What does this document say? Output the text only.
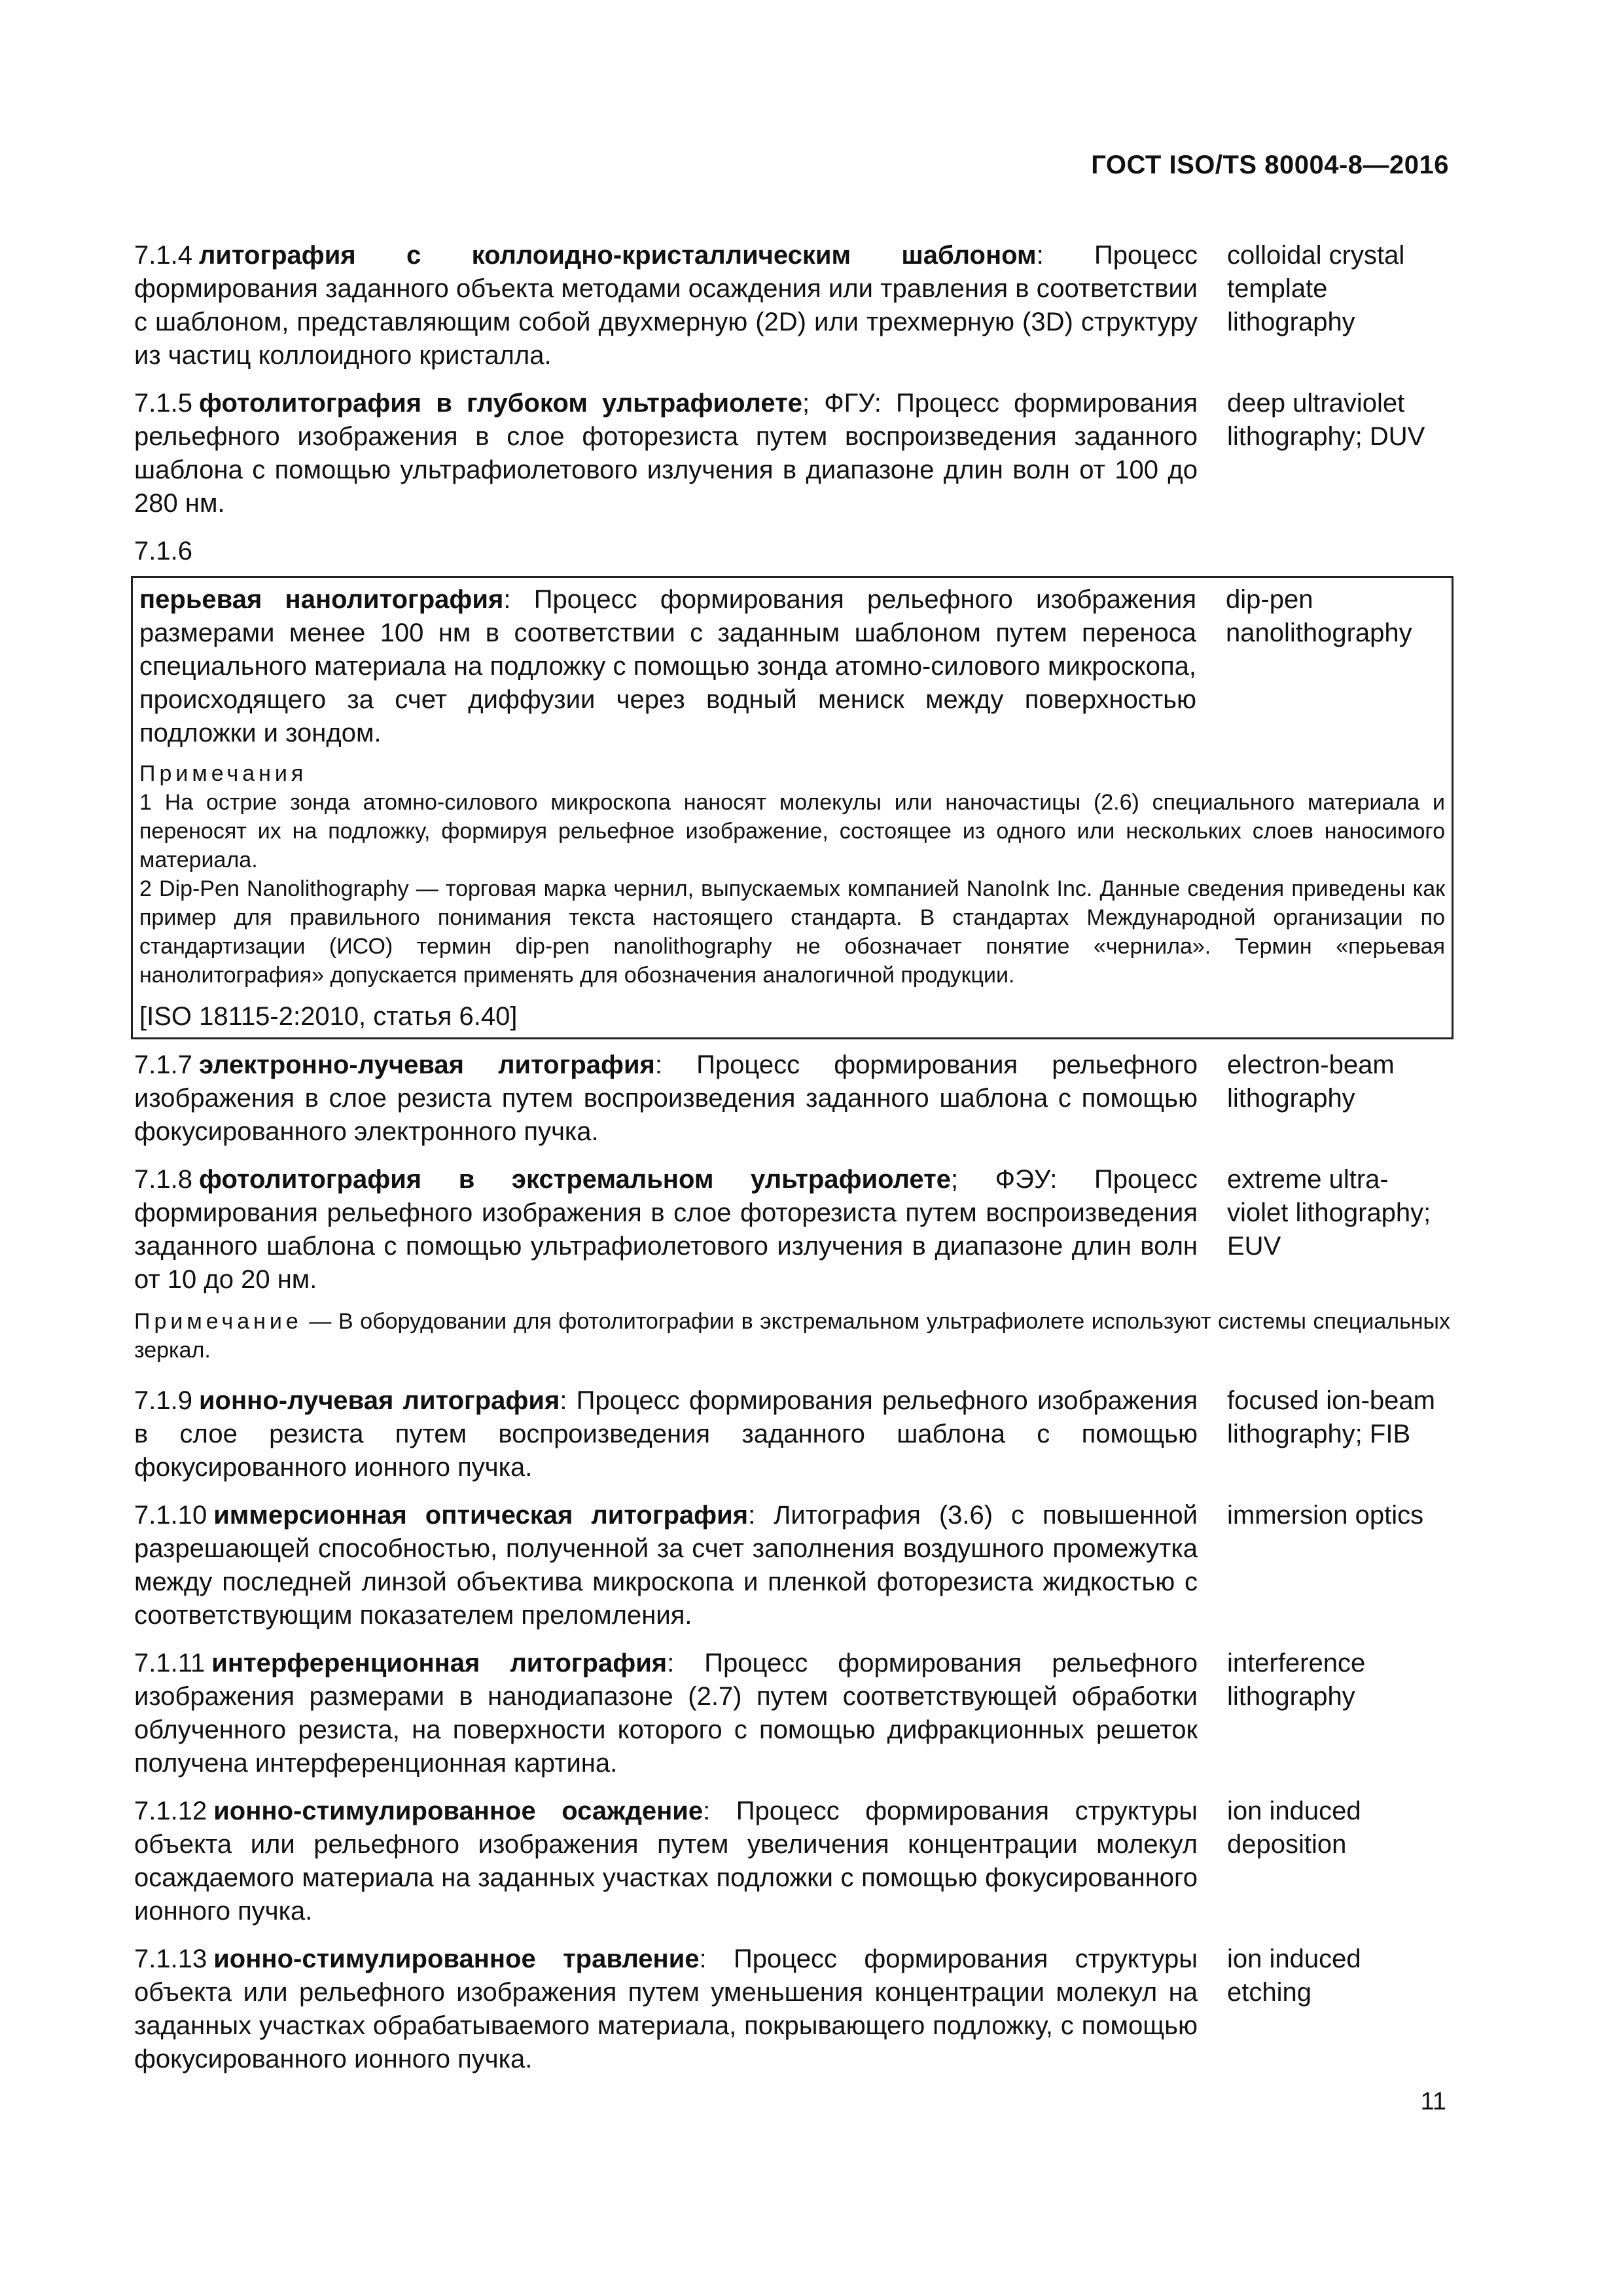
ГОСТ ISO/TS 80004-8—2016
7.1.4 литография с коллоидно-кристаллическим шаблоном: Процесс формирования заданного объекта методами осаждения или травления в соответствии с шаблоном, представляющим собой двухмерную (2D) или трехмерную (3D) структуру из частиц коллоидного кристалла.
colloidal crystal template lithography
7.1.5 фотолитография в глубоком ультрафиолете; ФГУ: Процесс формирования рельефного изображения в слое фоторезиста путем воспроизведения заданного шаблона с помощью ультрафиолетового излучения в диапазоне длин волн от 100 до 280 нм.
deep ultraviolet lithography; DUV
7.1.6
перьевая нанолитография: Процесс формирования рельефного изображения размерами менее 100 нм в соответствии с заданным шаблоном путем переноса специального материала на подложку с помощью зонда атомно-силового микроскопа, происходящего за счет диффузии через водный мениск между поверхностью подложки и зондом.
dip-pen nanolithography
Примечания
1 На острие зонда атомно-силового микроскопа наносят молекулы или наночастицы (2.6) специального материала и переносят их на подложку, формируя рельефное изображение, состоящее из одного или нескольких слоев наносимого материала.
2 Dip-Pen Nanolithography — торговая марка чернил, выпускаемых компанией NanoInk Inc. Данные сведения приведены как пример для правильного понимания текста настоящего стандарта. В стандартах Международной организации по стандартизации (ИСО) термин dip-pen nanolithography не обозначает понятие «чернила». Термин «перьевая нанолитография» допускается применять для обозначения аналогичной продукции.
[ISO 18115-2:2010, статья 6.40]
7.1.7 электронно-лучевая литография: Процесс формирования рельефного изображения в слое резиста путем воспроизведения заданного шаблона с помощью фокусированного электронного пучка.
electron-beam lithography
7.1.8 фотолитография в экстремальном ультрафиолете; ФЭУ: Процесс формирования рельефного изображения в слое фоторезиста путем воспроизведения заданного шаблона с помощью ультрафиолетового излучения в диапазоне длин волн от 10 до 20 нм.
extreme ultra-violet lithography; EUV
Примечание — В оборудовании для фотолитографии в экстремальном ультрафиолете используют системы специальных зеркал.
7.1.9 ионно-лучевая литография: Процесс формирования рельефного изображения в слое резиста путем воспроизведения заданного шаблона с помощью фокусированного ионного пучка.
focused ion-beam lithography; FIB
7.1.10 иммерсионная оптическая литография: Литография (3.6) с повышенной разрешающей способностью, полученной за счет заполнения воздушного промежутка между последней линзой объектива микроскопа и пленкой фоторезиста жидкостью с соответствующим показателем преломления.
immersion optics
7.1.11 интерференционная литография: Процесс формирования рельефного изображения размерами в нанодиапазоне (2.7) путем соответствующей обработки облученного резиста, на поверхности которого с помощью дифракционных решеток получена интерференционная картина.
interference lithography
7.1.12 ионно-стимулированное осаждение: Процесс формирования структуры объекта или рельефного изображения путем увеличения концентрации молекул осаждаемого материала на заданных участках подложки с помощью фокусированного ионного пучка.
ion induced deposition
7.1.13 ионно-стимулированное травление: Процесс формирования структуры объекта или рельефного изображения путем уменьшения концентрации молекул на заданных участках обрабатываемого материала, покрывающего подложку, с помощью фокусированного ионного пучка.
ion induced etching
11
